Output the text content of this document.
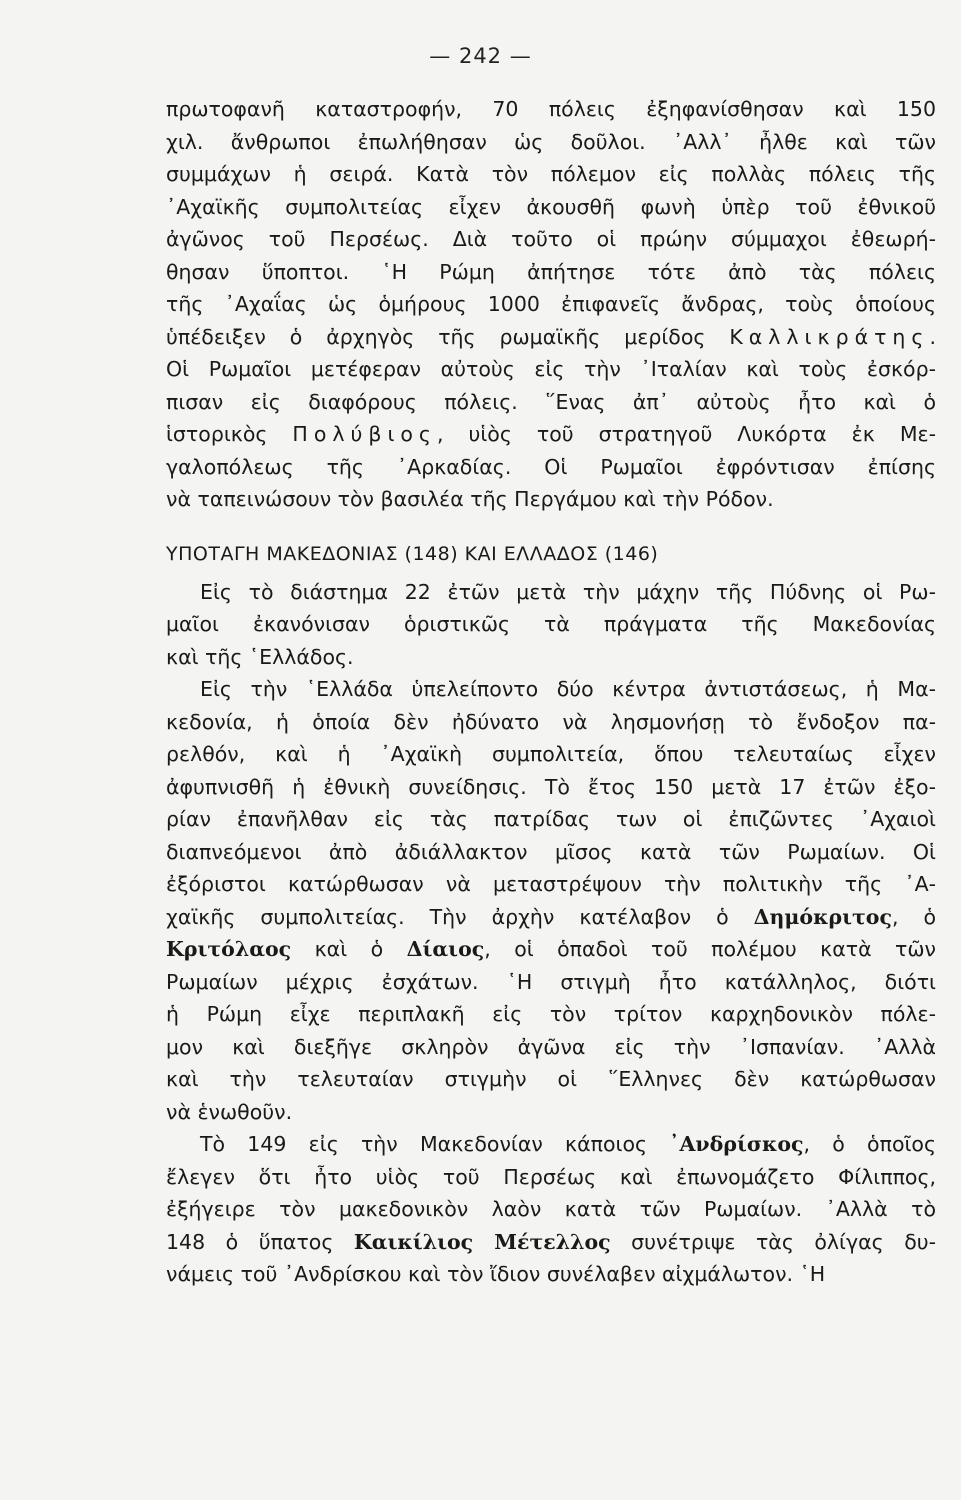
— 242 —
πρωτοφανῆ καταστροφήν, 70 πόλεις ἐξηφανίσθησαν καὶ 150
χιλ. ἄνθρωποι ἐπωλήθησαν ὡς δοῦλοι. ᾿Αλλ᾿ ἦλθε καὶ τῶν
συμμάχων ἡ σειρά. Κατὰ τὸν πόλεμον εἰς πολλὰς πόλεις τῆς
᾿Αχαϊκῆς συμπολιτείας εἶχεν ἀκουσθῆ φωνὴ ὑπὲρ τοῦ ἐθνικοῦ
ἀγῶνος τοῦ Περσέως. Διὰ τοῦτο οἱ πρώην σύμμαχοι ἐθεωρή-
θησαν ὕποπτοι. ῾Η Ρώμη ἀπήτησε τότε ἀπὸ τὰς πόλεις
τῆς ᾿Αχαΐας ὡς ὁμήρους 1000 ἐπιφανεῖς ἄνδρας, τοὺς ὁποίους
ὑπέδειξεν ὁ ἀρχηγὸς τῆς ρωμαϊκῆς μερίδος Καλλικράτης.
Οἱ Ρωμαῖοι μετέφεραν αὐτοὺς εἰς τὴν ᾿Ιταλίαν καὶ τοὺς ἐσκόρ-
πισαν εἰς διαφόρους πόλεις. ῞Ενας ἀπ᾿ αὐτοὺς ἦτο καὶ ὁ
ἱστορικὸς Πολύβιος, υἱὸς τοῦ στρατηγοῦ Λυκόρτα ἐκ Με-
γαλοπόλεως τῆς ᾿Αρκαδίας. Οἱ Ρωμαῖοι ἐφρόντισαν ἐπίσης
νὰ ταπεινώσουν τὸν βασιλέα τῆς Περγάμου καὶ τὴν Ρόδον.
ΥΠΟΤΑΓΗ ΜΑΚΕΔΟΝΙΑΣ (148) ΚΑΙ ΕΛΛΑΔΟΣ (146)
Εἰς τὸ διάστημα 22 ἐτῶν μετὰ τὴν μάχην τῆς Πύδνης οἱ Ρω-
μαῖοι ἐκανόνισαν ὁριστικῶς τὰ πράγματα τῆς Μακεδονίας
καὶ τῆς ῾Ελλάδος.
Εἰς τὴν ῾Ελλάδα ὑπελείποντο δύο κέντρα ἀντιστάσεως, ἡ Μα-
κεδονία, ἡ ὁποία δὲν ἠδύνατο νὰ λησμονήσῃ τὸ ἔνδοξον πα-
ρελθόν, καὶ ἡ ᾿Αχαϊκὴ συμπολιτεία, ὅπου τελευταίως εἶχεν
ἀφυπνισθῆ ἡ ἐθνικὴ συνείδησις. Τὸ ἔτος 150 μετὰ 17 ἐτῶν ἐξο-
ρίαν ἐπανῆλθαν εἰς τὰς πατρίδας των οἱ ἐπιζῶντες ᾿Αχαιοὶ
διαπνεόμενοι ἀπὸ ἀδιάλλακτον μῖσος κατὰ τῶν Ρωμαίων. Οἱ
ἐξόριστοι κατώρθωσαν νὰ μεταστρέψουν τὴν πολιτικὴν τῆς ᾿Α-
χαϊκῆς συμπολιτείας. Τὴν ἀρχὴν κατέλαβον ὁ Δημόκριτος, ὁ
Κριτόλαος καὶ ὁ Δίαιος, οἱ ὁπαδοὶ τοῦ πολέμου κατὰ τῶν
Ρωμαίων μέχρις ἐσχάτων. ῾Η στιγμὴ ἦτο κατάλληλος, διότι
ἡ Ρώμη εἶχε περιπλακῆ εἰς τὸν τρίτον καρχηδονικὸν πόλε-
μον καὶ διεξῆγε σκληρὸν ἀγῶνα εἰς τὴν ᾿Ισπανίαν. ᾿Αλλὰ
καὶ τὴν τελευταίαν στιγμὴν οἱ ῞Ελληνες δὲν κατώρθωσαν
νὰ ἑνωθοῦν.
Τὸ 149 εἰς τὴν Μακεδονίαν κάποιος ᾿Ανδρίσκος, ὁ ὁποῖος
ἔλεγεν ὅτι ἦτο υἱὸς τοῦ Περσέως καὶ ἐπωνομάζετο Φίλιππος,
ἐξήγειρε τὸν μακεδονικὸν λαὸν κατὰ τῶν Ρωμαίων. ᾿Αλλὰ τὸ
148 ὁ ὕπατος Καικίλιος Μέτελλος συνέτριψε τὰς ὀλίγας δυ-
νάμεις τοῦ ᾿Ανδρίσκου καὶ τὸν ἴδιον συνέλαβεν αἰχμάλωτον. ῾Η
